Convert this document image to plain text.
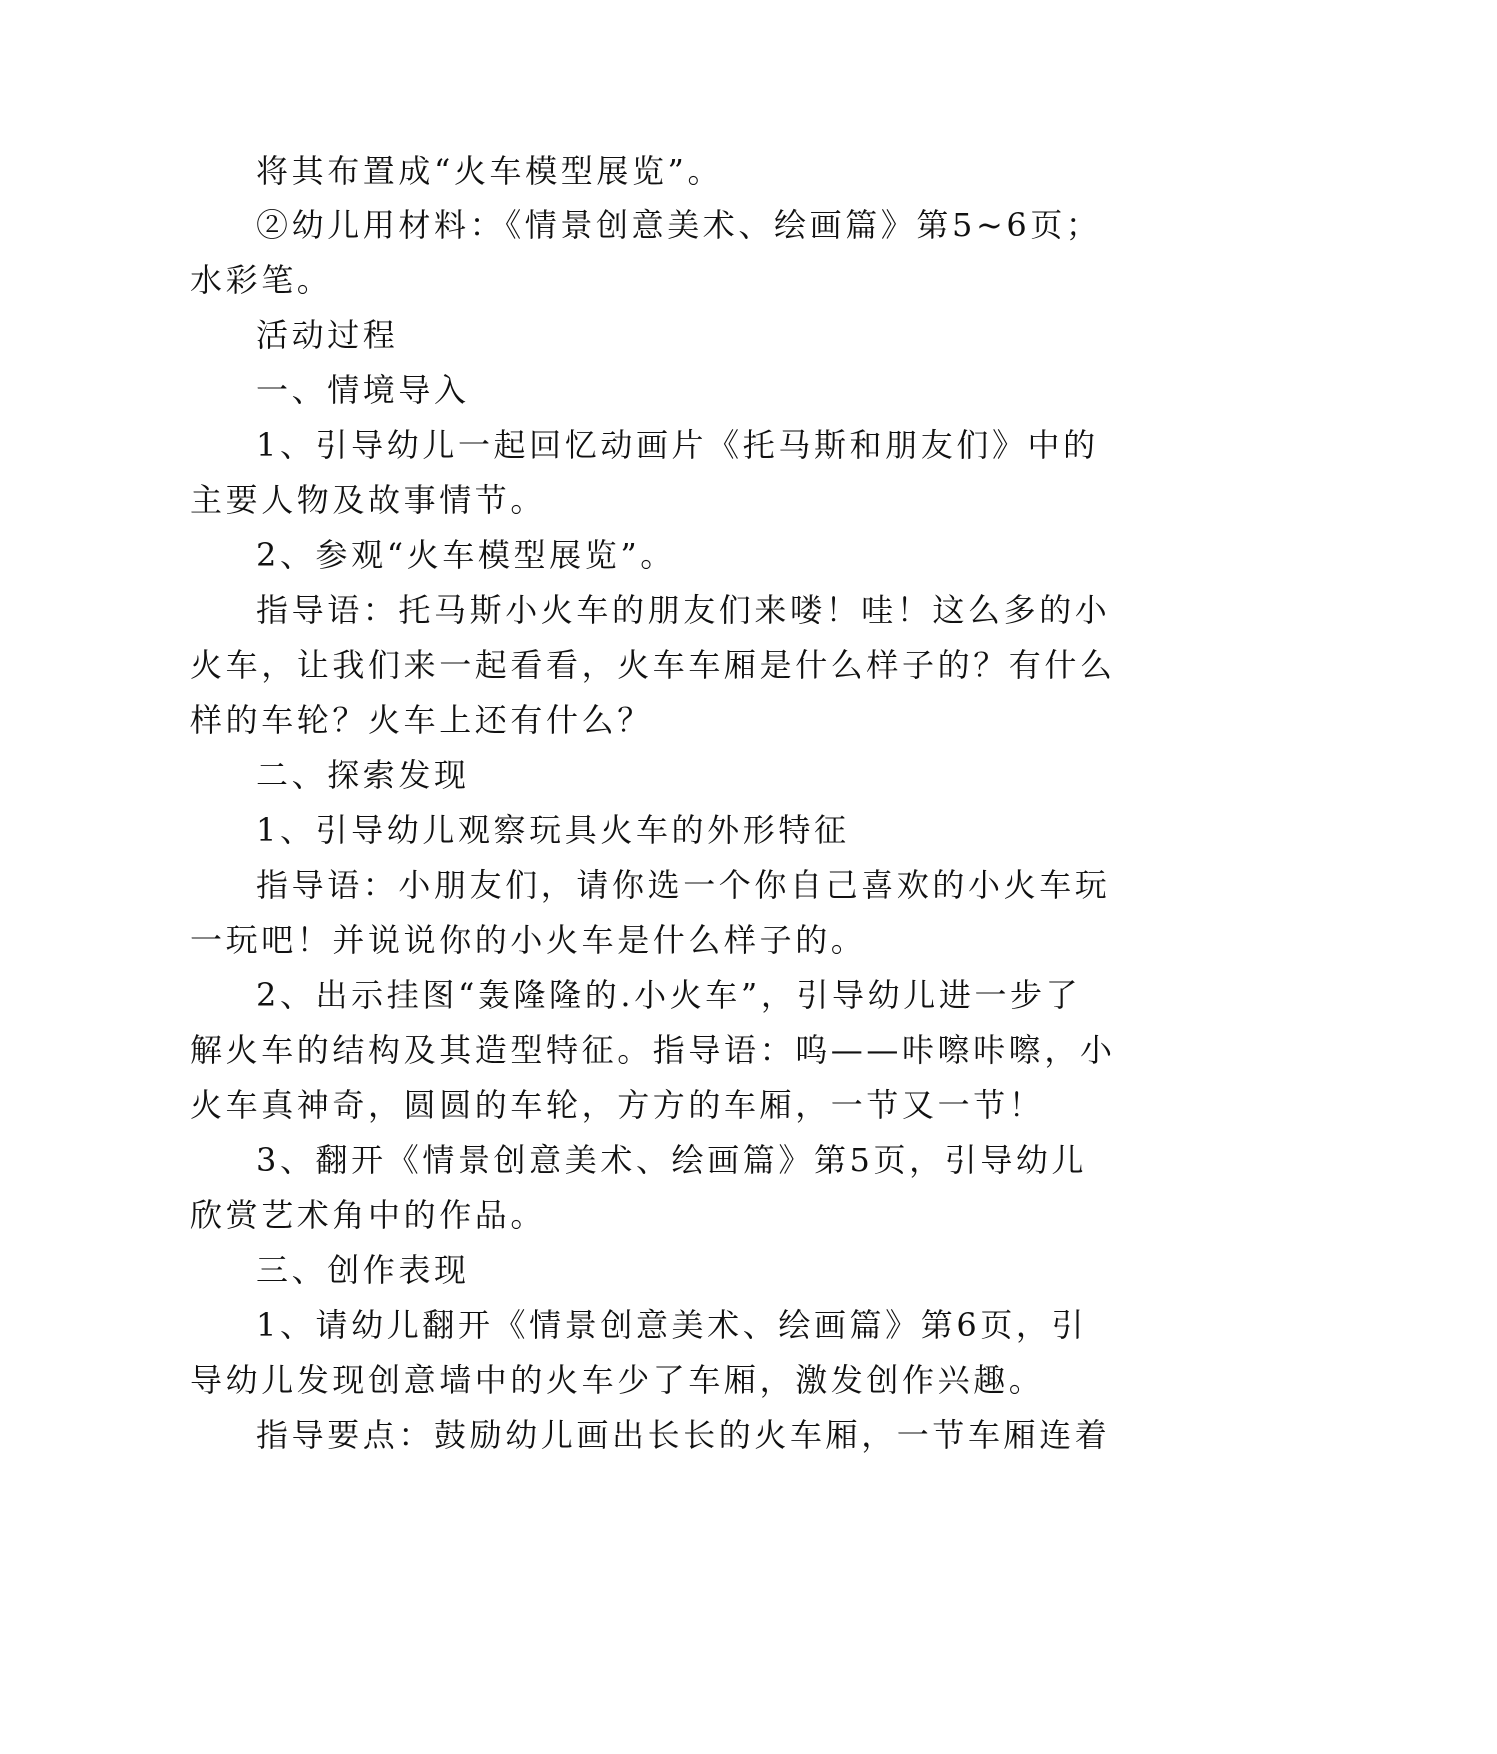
将其布置成“火车模型展览”。
②幼儿用材料：《情景创意美术、绘画篇》第5~6页；
水彩笔。
活动过程
一、情境导入
1、引导幼儿一起回忆动画片《托马斯和朋友们》中的
主要人物及故事情节。
2、参观“火车模型展览”。
指导语：托马斯小火车的朋友们来喽！哇！这么多的小
火车，让我们来一起看看，火车车厢是什么样子的？有什么
样的车轮？火车上还有什么？
二、探索发现
1、引导幼儿观察玩具火车的外形特征
指导语：小朋友们，请你选一个你自己喜欢的小火车玩
一玩吧！并说说你的小火车是什么样子的。
2、出示挂图“轰隆隆的.小火车”，引导幼儿进一步了
解火车的结构及其造型特征。指导语：呜——咔嚓咔嚓，小
火车真神奇，圆圆的车轮，方方的车厢，一节又一节！
3、翻开《情景创意美术、绘画篇》第5页，引导幼儿
欣赏艺术角中的作品。
三、创作表现
1、请幼儿翻开《情景创意美术、绘画篇》第6页，引
导幼儿发现创意墙中的火车少了车厢，激发创作兴趣。
指导要点：鼓励幼儿画出长长的火车厢，一节车厢连着
